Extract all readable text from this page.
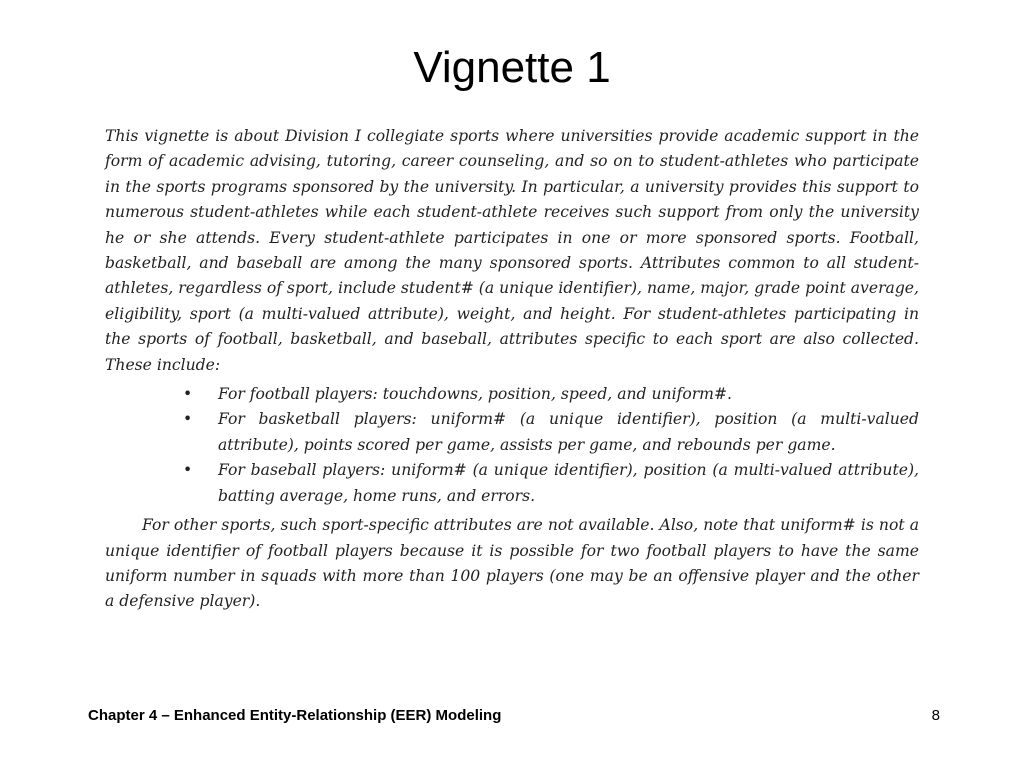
Vignette 1

This vignette is about Division I collegiate sports where universities provide academic support in the form of academic advising, tutoring, career counseling, and so on to student-athletes who participate in the sports programs sponsored by the university. In particular, a university provides this support to numerous student-athletes while each student-athlete receives such support from only the university he or she attends. Every student-athlete participates in one or more sponsored sports. Football, basketball, and baseball are among the many sponsored sports. Attributes common to all student-athletes, regardless of sport, include student# (a unique identifier), name, major, grade point average, eligibility, sport (a multi-valued attribute), weight, and height. For student-athletes participating in the sports of football, basketball, and baseball, attributes specific to each sport are also collected. These include:

• For football players: touchdowns, position, speed, and uniform#.
• For basketball players: uniform# (a unique identifier), position (a multi-valued attribute), points scored per game, assists per game, and rebounds per game.
• For baseball players: uniform# (a unique identifier), position (a multi-valued attribute), batting average, home runs, and errors.

For other sports, such sport-specific attributes are not available. Also, note that uniform# is not a unique identifier of football players because it is possible for two football players to have the same uniform number in squads with more than 100 players (one may be an offensive player and the other a defensive player).

Chapter 4 – Enhanced Entity-Relationship (EER) Modeling	8
